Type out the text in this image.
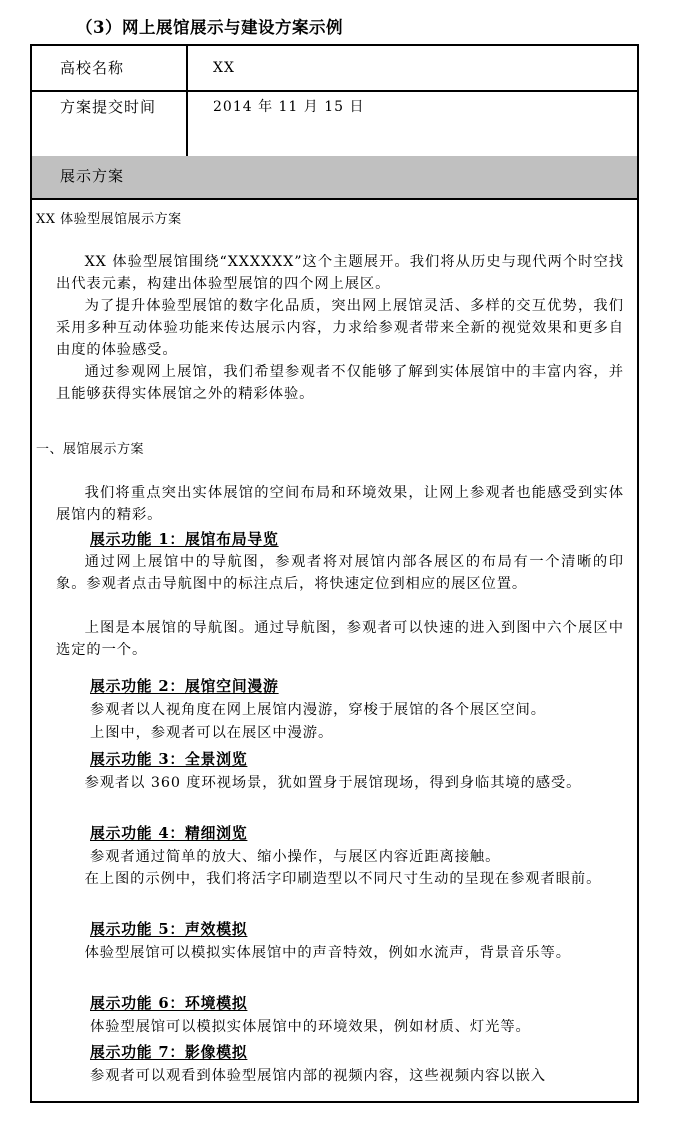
（3）网上展馆展示与建设方案示例
高校名称	XX
方案提交时间	2014 年 11 月 15 日
展示方案
XX 体验型展馆展示方案

XX 体验型展馆围绕“XXXXXX”这个主题展开。我们将从历史与现代两个时空找出代表元素，构建出体验型展馆的四个网上展区。

为了提升体验型展馆的数字化品质，突出网上展馆灵活、多样的交互优势，我们采用多种互动体验功能来传达展示内容，力求给参观者带来全新的视觉效果和更多自由度的体验感受。

通过参观网上展馆，我们希望参观者不仅能够了解到实体展馆中的丰富内容，并且能够获得实体展馆之外的精彩体验。

一、展馆展示方案

我们将重点突出实体展馆的空间布局和环境效果，让网上参观者也能感受到实体展馆内的精彩。

展示功能 1：展馆布局导览

通过网上展馆中的导航图，参观者将对展馆内部各展区的布局有一个清晰的印象。参观者点击导航图中的标注点后，将快速定位到相应的展区位置。

上图是本展馆的导航图。通过导航图，参观者可以快速的进入到图中六个展区中选定的一个。

展示功能 2：展馆空间漫游
参观者以人视角度在网上展馆内漫游，穿梭于展馆的各个展区空间。
上图中，参观者可以在展区中漫游。
展示功能 3：全景浏览

参观者以 360 度环视场景，犹如置身于展馆现场，得到身临其境的感受。

展示功能 4：精细浏览
参观者通过简单的放大、缩小操作，与展区内容近距离接触。

在上图的示例中，我们将活字印刷造型以不同尺寸生动的呈现在参观者眼前。

展示功能 5：声效模拟

体验型展馆可以模拟实体展馆中的声音特效，例如水流声，背景音乐等。

展示功能 6：环境模拟
体验型展馆可以模拟实体展馆中的环境效果，例如材质、灯光等。
展示功能 7：影像模拟
参观者可以观看到体验型展馆内部的视频内容，这些视频内容以嵌入
